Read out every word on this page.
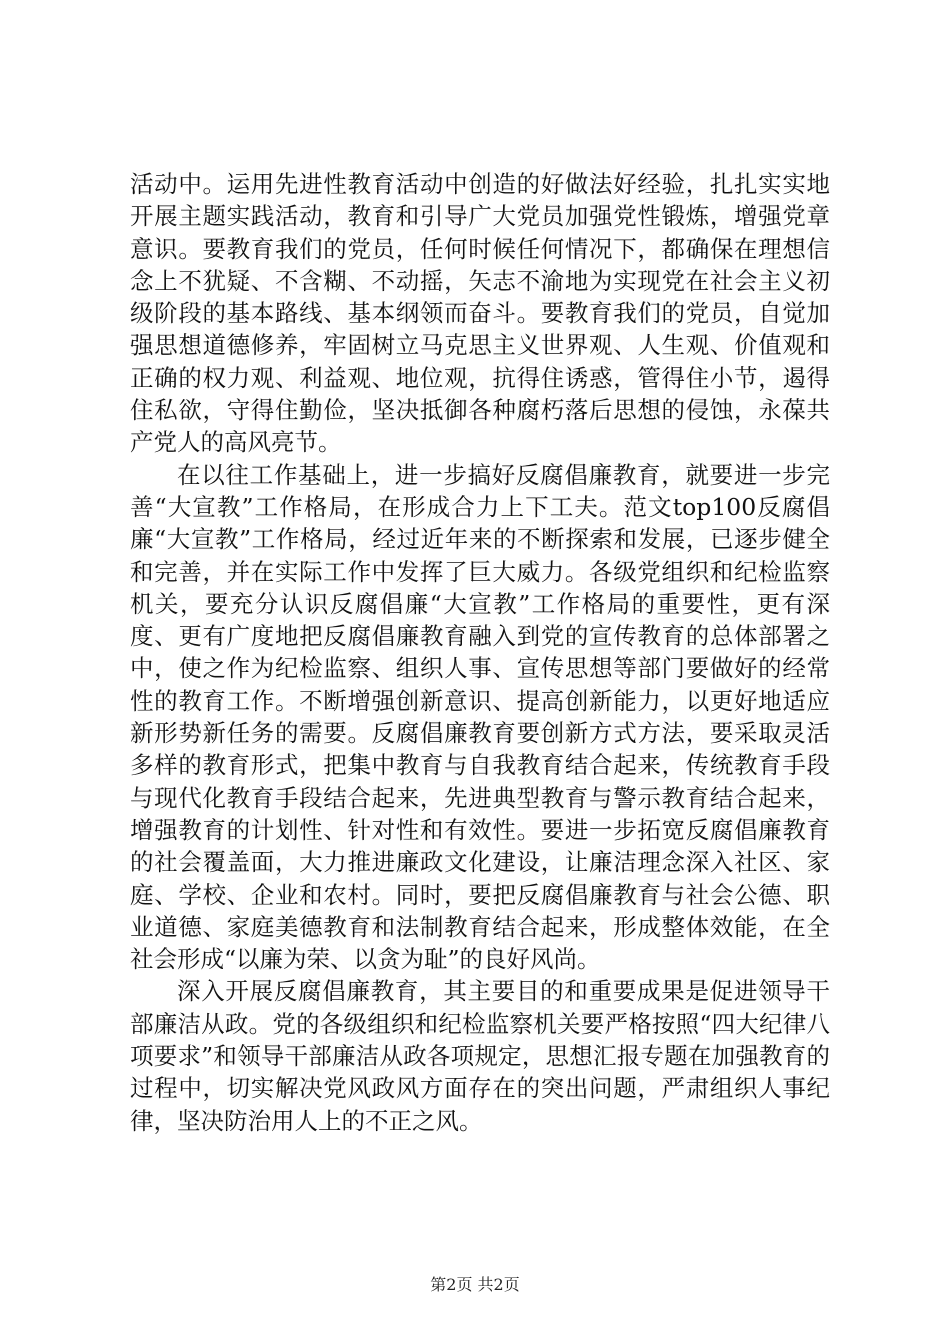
活动中。运用先进性教育活动中创造的好做法好经验，扎扎实实地开展主题实践活动，教育和引导广大党员加强党性锻炼，增强党章意识。要教育我们的党员，任何时候任何情况下，都确保在理想信念上不犹疑、不含糊、不动摇，矢志不渝地为实现党在社会主义初级阶段的基本路线、基本纲领而奋斗。要教育我们的党员，自觉加强思想道德修养，牢固树立马克思主义世界观、人生观、价值观和正确的权力观、利益观、地位观，抗得住诱惑，管得住小节，遏得住私欲，守得住勤俭，坚决抵御各种腐朽落后思想的侵蚀，永葆共产党人的高风亮节。

在以往工作基础上，进一步搞好反腐倡廉教育，就要进一步完善“大宣教”工作格局，在形成合力上下工夫。范文top100反腐倡廉“大宣教”工作格局，经过近年来的不断探索和发展，已逐步健全和完善，并在实际工作中发挥了巨大威力。各级党组织和纪检监察机关，要充分认识反腐倡廉“大宣教”工作格局的重要性，更有深度、更有广度地把反腐倡廉教育融入到党的宣传教育的总体部署之中，使之作为纪检监察、组织人事、宣传思想等部门要做好的经常性的教育工作。不断增强创新意识、提高创新能力，以更好地适应新形势新任务的需要。反腐倡廉教育要创新方式方法，要采取灵活多样的教育形式，把集中教育与自我教育结合起来，传统教育手段与现代化教育手段结合起来，先进典型教育与警示教育结合起来，增强教育的计划性、针对性和有效性。要进一步拓宽反腐倡廉教育的社会覆盖面，大力推进廉政文化建设，让廉洁理念深入社区、家庭、学校、企业和农村。同时，要把反腐倡廉教育与社会公德、职业道德、家庭美德教育和法制教育结合起来，形成整体效能，在全社会形成“以廉为荣、以贪为耻”的良好风尚。

深入开展反腐倡廉教育，其主要目的和重要成果是促进领导干部廉洁从政。党的各级组织和纪检监察机关要严格按照“四大纪律八项要求”和领导干部廉洁从政各项规定，思想汇报专题在加强教育的过程中，切实解决党风政风方面存在的突出问题，严肃组织人事纪律，坚决防治用人上的不正之风。

第2页 共2页
